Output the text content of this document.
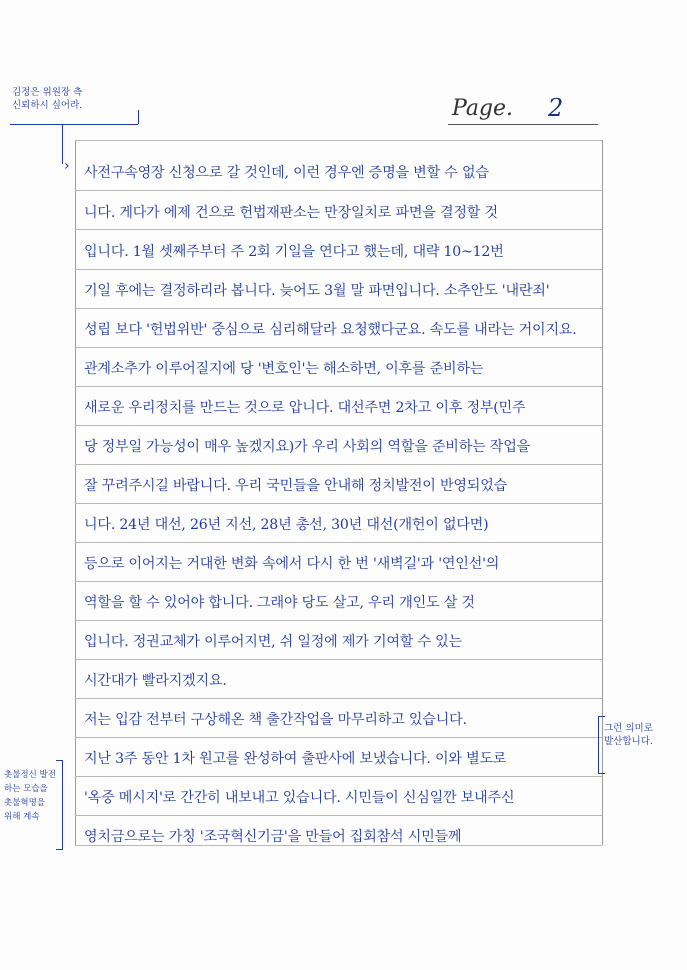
Page. 2
사전구속영장 신청으로 갈 것인데, 이런 경우엔 증명을 변할 수 없습
니다. 게다가 에제 건으로 헌법재판소는 만장일치로 파면을 결정할 것
입니다. 1월 셋째주부터 주 2회 기일을 연다고 했는데, 대략 10~12번
기일 후에는 결정하리라 봅니다. 늦어도 3월 말 파면입니다. 소추안도 '내란죄'
성립 보다 '헌법위반' 중심으로 심리해달라 요청했다군요. 속도를 내라는 거이지요.
관계소추가 이루어질지에 당 '변호인'는 해소하면, 이후를 준비하는
새로운 우리정치를 만드는 것으로 압니다. 대선주면 2차고 이후 정부(민주
당 정부일 가능성이 매우 높겠지요)가 우리 사회의 역할을 준비하는 작업을
잘 꾸려주시길 바랍니다. 우리 국민들을 안내해 정치발전이 반영되었습
니다. 24년 대선, 26년 지선, 28년 총선, 30년 대선(개헌이 없다면)
등으로 이어지는 거대한 변화 속에서 다시 한 번 '새벽길'과 '연인선'의
역할을 할 수 있어야 합니다. 그래야 당도 살고, 우리 개인도 살 것
입니다. 정권교체가 이루어지면, 쉬 일정에 제가 기여할 수 있는
시간대가 빨라지겠지요.
저는 입감 전부터 구상해온 책 출간작업을 마무리하고 있습니다.
지난 3주 동안 1차 원고를 완성하여 출판사에 보냈습니다. 이와 별도로
'옥중 메시지'로 간간히 내보내고 있습니다. 시민들이 신심일깐 보내주신
영치금으로는 가칭 '조국혁신기금'을 만들어 집회참석 시민들께
김정은 위원장 측
신뢰하시 싶어라.
›
그런 의미로
발산합니다.
촛불정신 발전
하는 모습을
촛불혁명을
위해 계속
